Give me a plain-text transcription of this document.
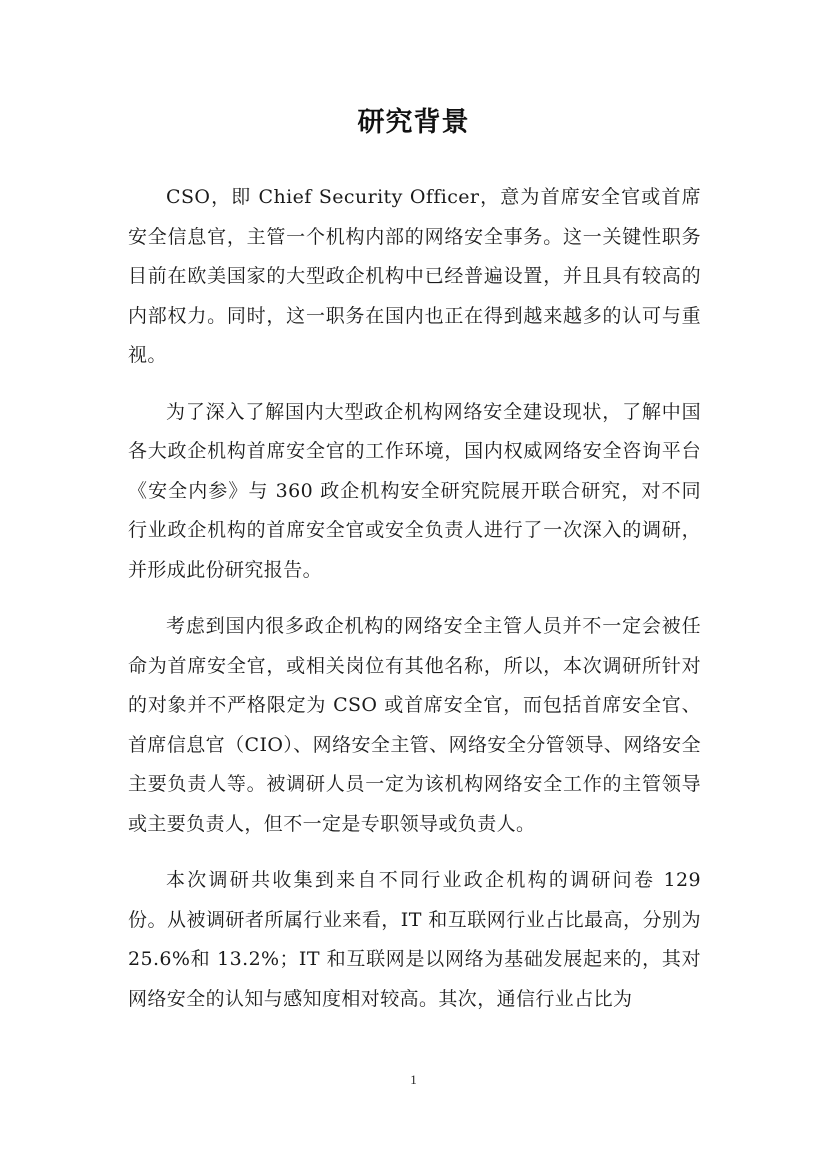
研究背景

CSO，即 Chief Security Officer，意为首席安全官或首席安全信息官，主管一个机构内部的网络安全事务。这一关键性职务目前在欧美国家的大型政企机构中已经普遍设置，并且具有较高的内部权力。同时，这一职务在国内也正在得到越来越多的认可与重视。

为了深入了解国内大型政企机构网络安全建设现状，了解中国各大政企机构首席安全官的工作环境，国内权威网络安全咨询平台《安全内参》与 360 政企机构安全研究院展开联合研究，对不同行业政企机构的首席安全官或安全负责人进行了一次深入的调研，并形成此份研究报告。

考虑到国内很多政企机构的网络安全主管人员并不一定会被任命为首席安全官，或相关岗位有其他名称，所以，本次调研所针对的对象并不严格限定为 CSO 或首席安全官，而包括首席安全官、首席信息官（CIO）、网络安全主管、网络安全分管领导、网络安全主要负责人等。被调研人员一定为该机构网络安全工作的主管领导或主要负责人，但不一定是专职领导或负责人。

本次调研共收集到来自不同行业政企机构的调研问卷 129 份。从被调研者所属行业来看，IT 和互联网行业占比最高，分别为 25.6%和 13.2%；IT 和互联网是以网络为基础发展起来的，其对网络安全的认知与感知度相对较高。其次，通信行业占比为

1
